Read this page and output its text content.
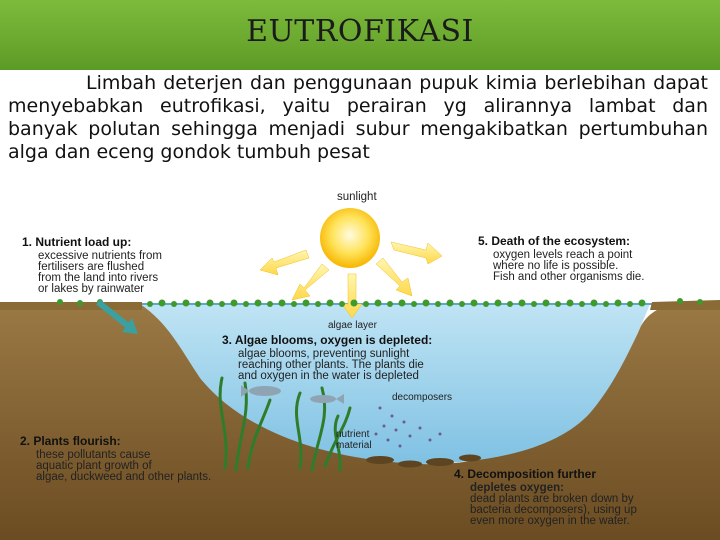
EUTROFIKASI

Limbah deterjen dan penggunaan pupuk kimia berlebihan dapat menyebabkan eutrofikasi, yaitu perairan yg alirannya lambat dan banyak polutan sehingga menjadi subur mengakibatkan pertumbuhan alga dan eceng gondok tumbuh pesat

sunlight
algae layer
decomposers
nutrient material
1. Nutrient load up:
excessive nutrients from fertilisers are flushed from the land into rivers or lakes by rainwater
5. Death of the ecosystem:
oxygen levels reach a point where no life is possible. Fish and other organisms die.
3. Algae blooms, oxygen is depleted:
algae blooms, preventing sunlight reaching other plants. The plants die and oxygen in the water is depleted
2. Plants flourish:
these pollutants cause aquatic plant growth of algae, duckweed and other plants.	4. Decomposition further
depletes oxygen: dead plants are broken down by bacteria decomposers), using up even more oxygen in the water.
